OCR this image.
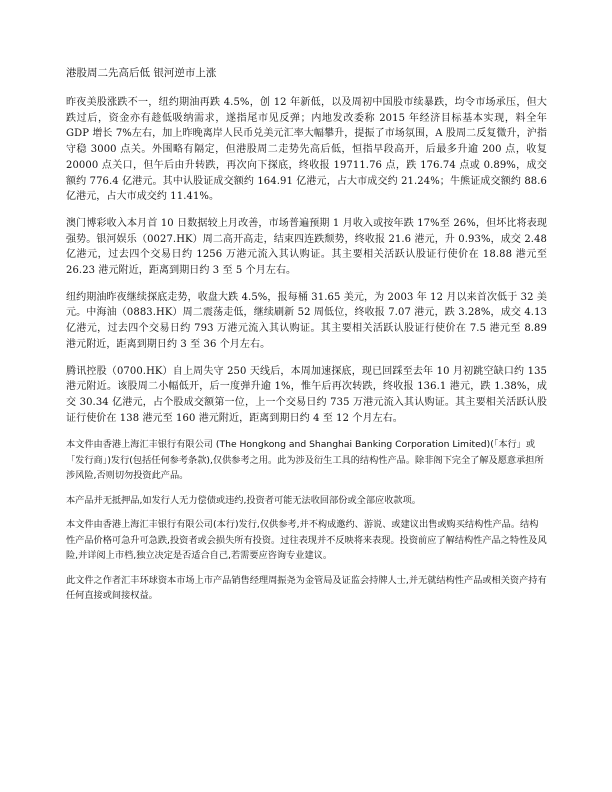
港股周二先高后低 银河逆市上涨

昨夜美股涨跌不一，纽约期油再跌 4.5%，创 12 年新低，以及周初中国股市续暴跌，均令市场承压，但大跌过后，资金亦有趁低吸纳需求，遂指尾市见反弹；内地发改委称 2015 年经济目标基本实现，料全年 GDP 增长 7%左右，加上昨晚离岸人民币兑美元汇率大幅攀升，提振了市场氛围，A 股周二反复微升，沪指守稳 3000 点关。外围略有隔定，但港股周二走势先高后低，恒指早段高开，后最多升逾 200 点，收复 20000 点关口，但午后由升转跌，再次向下探底，终收报 19711.76 点，跌 176.74 点或 0.89%，成交额约 776.4 亿港元。其中认股证成交额约 164.91 亿港元，占大市成交约 21.24%；牛熊证成交额约 88.6 亿港元，占大市成交约 11.41%。

澳门博彩收入本月首 10 日数据较上月改善，市场普遍预期 1 月收入或按年跌 17%至 26%，但坏比将表现强势。银河娱乐（0027.HK）周二高开高走，结束四连跌颓势，终收报 21.6 港元，升 0.93%，成交 2.48 亿港元，过去四个交易日约 1256 万港元流入其认购证。其主要相关活跃认股证行使价在 18.88 港元至 26.23 港元附近，距离到期日约 3 至 5 个月左右。

纽约期油昨夜继续探底走势，收盘大跌 4.5%，报每桶 31.65 美元，为 2003 年 12 月以来首次低于 32 美元。中海油（0883.HK）周二震荡走低，继续刷新 52 周低位，终收报 7.07 港元，跌 3.28%，成交 4.13 亿港元，过去四个交易日约 793 万港元流入其认购证。其主要相关活跃认股证行使价在 7.5 港元至 8.89 港元附近，距离到期日约 3 至 36 个月左右。

腾讯控股（0700.HK）自上周失守 250 天线后，本周加速探底，现已回踩至去年 10 月初跳空缺口约 135 港元附近。该股周二小幅低开，后一度弹升逾 1%，惟午后再次转跌，终收报 136.1 港元，跌 1.38%，成交 30.34 亿港元，占个股成交额第一位，上一个交易日约 735 万港元流入其认购证。其主要相关活跃认股证行使价在 138 港元至 160 港元附近，距离到期日约 4 至 12 个月左右。

本文件由香港上海汇丰银行有限公司 (The Hongkong and Shanghai Banking Corporation Limited)(「本行」或「发行商」)发行(包括任何参考条款),仅供参考之用。此为涉及衍生工具的结构性产品。除非阁下完全了解及愿意承担所涉风险,否则切勿投资此产品。

本产品并无抵押品,如发行人无力偿债或违约,投资者可能无法收回部份或全部应收款项。

本文件由香港上海汇丰银行有限公司(本行)发行,仅供参考,并不构成邀约、游说、或建议出售或购买结构性产品。结构性产品价格可急升可急跌,投资者或会损失所有投资。过往表现并不反映将来表现。投资前应了解结构性产品之特性及风险,并详阅上市档,独立决定是否适合自己,若需要应咨询专业建议。

此文件之作者汇丰环球资本市场上市产品销售经理周振尧为金管局及证监会持牌人士,并无就结构性产品或相关资产持有任何直接或间接权益。
